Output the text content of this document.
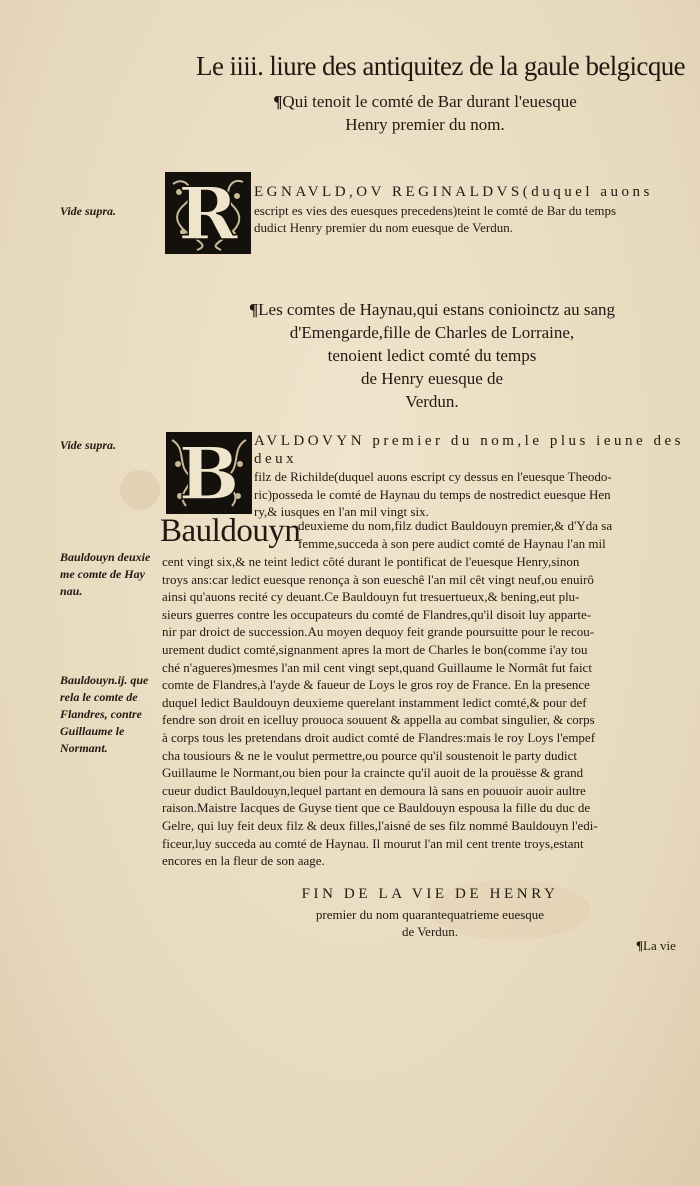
Le iiii. liure des antiquitez de la gaule belgicque
¶Qui tenoit le comté de Bar durant l'euesque
Henry premier du nom.
Vide supra. R	EGNAVLD,OV REGINALDVS(duquel auons
escript es vies des euesques precedens)teint le comté de Bar du temps
dudict Henry premier du nom euesque de Verdun.
¶Les comtes de Haynau,qui estans conioinctz au sang
d'Emengarde,fille de Charles de Lorraine,
tenoient ledict comté du temps
de Henry euesque de
Verdun.
Vide supra. B AVLDOVYN premier du nom,le plus ieune des deux
filz de Richilde(duquel auons escript cy dessus en l'euesque Theodo-
ric)posseda le comté de Haynau du temps de nostredict euesque Hen
ry,& iusques en l'an mil vingt six.
Bauldouyn
deuxieme du nom,filz dudict Bauldouyn premier,& d'Yda sa
femme,succeda à son pere audict comté de Haynau l'an mil
cent vingt six,& ne teint ledict côté durant le pontificat de l'euesque Henry,sinon
troys ans:car ledict euesque renonça à son eueschê l'an mil cêt vingt neuf,ou enuirô
ainsi qu'auons recité cy deuant.Ce Bauldouyn fut tresuertueux,& bening,eut plu-
sieurs guerres contre les occupateurs du comté de Flandres,qu'il disoit luy apparte-
nir par droict de succession.Au moyen dequoy feit grande poursuitte pour le recou-
urement dudict comté,signanment apres la mort de Charles le bon(comme i'ay tou
ché n'agueres)mesmes l'an mil cent vingt sept,quand Guillaume le Normât fut faict
comte de Flandres,à l'ayde & faueur de Loys le gros roy de France. En la presence
duquel ledict Bauldouyn deuxieme querelant instamment ledict comté,& pour def
fendre son droit en icelluy prouoca souuent & appella au combat singulier, & corps
à corps tous les pretendans droit audict comté de Flandres:mais le roy Loys l'empef
cha tousiours & ne le voulut permettre,ou pource qu'il soustenoit le party dudict
Guillaume le Normant,ou bien pour la craincte qu'il auoit de la prouësse & grand
cueur dudict Bauldouyn,lequel partant en demoura là sans en pouuoir auoir aultre
raison.Maistre Iacques de Guyse tient que ce Bauldouyn espousa la fille du duc de
Gelre, qui luy feit deux filz & deux filles,l'aisné de ses filz nommé Bauldouyn l'edi-
ficeur,luy succeda au comté de Haynau. Il mourut l'an mil cent trente troys,estant
encores en la fleur de son aage.
Bauldouyn deuxie me comte de Hay nau.
Bauldouyn.ij. que rela le comte de Flandres, contre Guillaume le Normant.
FIN DE LA VIE DE HENRY
premier du nom quarantequatrieme euesque
de Verdun.
¶La vie
